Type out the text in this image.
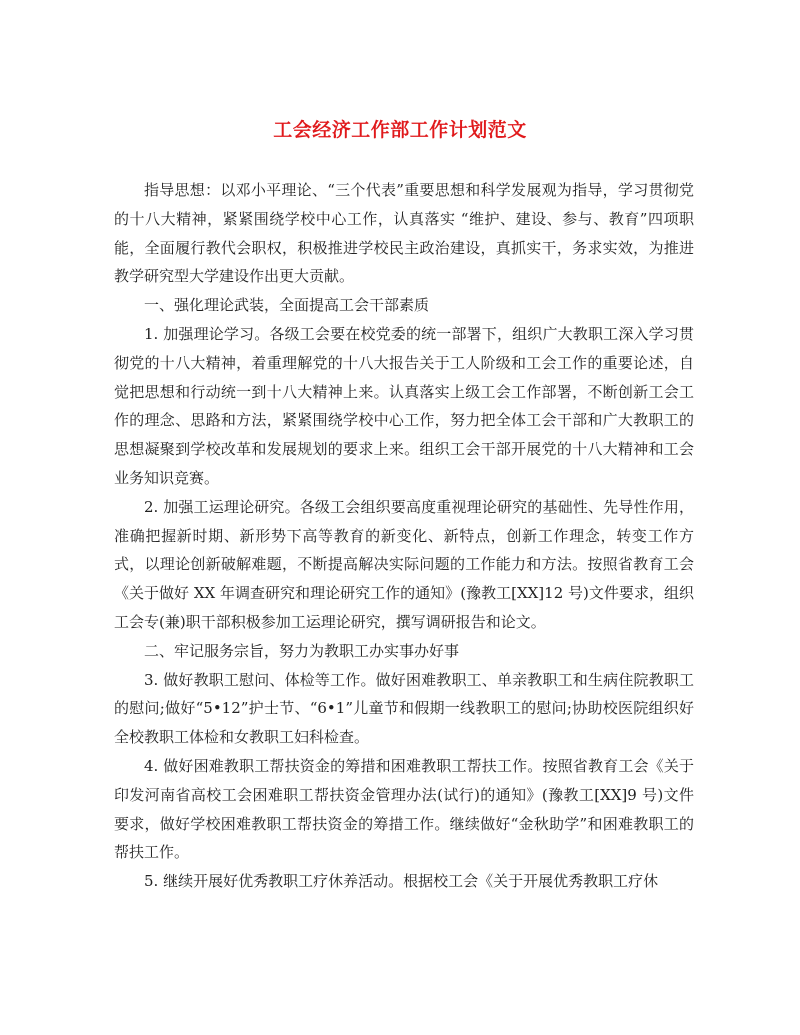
工会经济工作部工作计划范文

指导思想：以邓小平理论、“三个代表”重要思想和科学发展观为指导，学习贯彻党的十八大精神，紧紧围绕学校中心工作，认真落实 “维护、建设、参与、教育”四项职能，全面履行教代会职权，积极推进学校民主政治建设，真抓实干，务求实效，为推进教学研究型大学建设作出更大贡献。

一、强化理论武装，全面提高工会干部素质

1. 加强理论学习。各级工会要在校党委的统一部署下，组织广大教职工深入学习贯彻党的十八大精神，着重理解党的十八大报告关于工人阶级和工会工作的重要论述，自觉把思想和行动统一到十八大精神上来。认真落实上级工会工作部署，不断创新工会工作的理念、思路和方法，紧紧围绕学校中心工作，努力把全体工会干部和广大教职工的思想凝聚到学校改革和发展规划的要求上来。组织工会干部开展党的十八大精神和工会业务知识竞赛。

2. 加强工运理论研究。各级工会组织要高度重视理论研究的基础性、先导性作用，准确把握新时期、新形势下高等教育的新变化、新特点，创新工作理念，转变工作方式，以理论创新破解难题，不断提高解决实际问题的工作能力和方法。按照省教育工会《关于做好 XX 年调查研究和理论研究工作的通知》(豫教工[XX]12 号)文件要求，组织工会专(兼)职干部积极参加工运理论研究，撰写调研报告和论文。

二、牢记服务宗旨，努力为教职工办实事办好事

3. 做好教职工慰问、体检等工作。做好困难教职工、单亲教职工和生病住院教职工的慰问;做好“5•12”护士节、“6•1”儿童节和假期一线教职工的慰问;协助校医院组织好全校教职工体检和女教职工妇科检查。

4. 做好困难教职工帮扶资金的筹措和困难教职工帮扶工作。按照省教育工会《关于印发河南省高校工会困难职工帮扶资金管理办法(试行)的通知》(豫教工[XX]9 号)文件要求，做好学校困难教职工帮扶资金的筹措工作。继续做好“金秋助学”和困难教职工的帮扶工作。

5. 继续开展好优秀教职工疗休养活动。根据校工会《关于开展优秀教职工疗休
